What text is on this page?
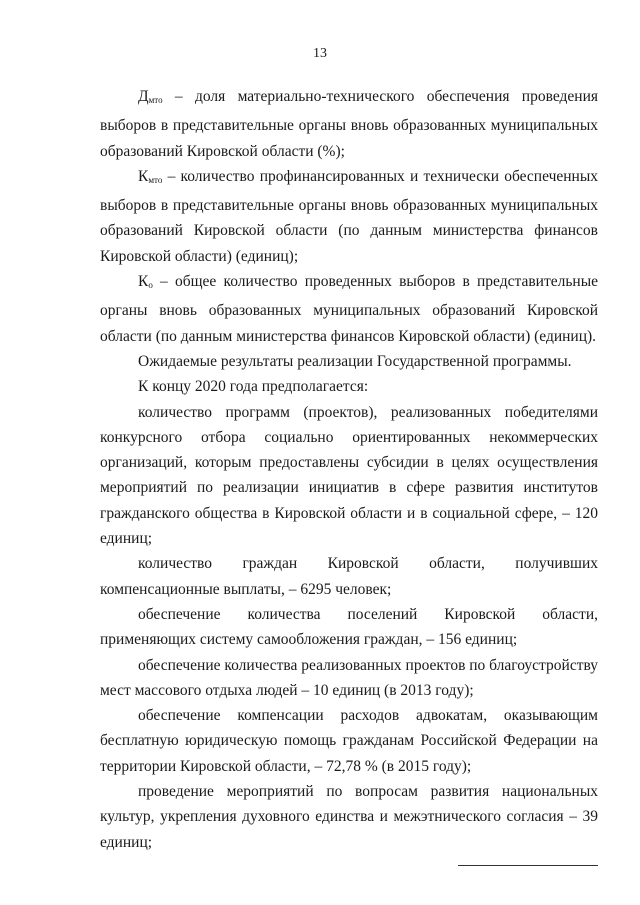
13

$Д_{мто}$ – доля материально-технического обеспечения проведения выборов в представительные органы вновь образованных муниципальных образований Кировской области (%);

$К_{мто}$ – количество профинансированных и технически обеспеченных выборов в представительные органы вновь образованных муниципальных образований Кировской области (по данным министерства финансов Кировской области) (единиц);

$К_о$ – общее количество проведенных выборов в представительные органы вновь образованных муниципальных образований Кировской области (по данным министерства финансов Кировской области) (единиц).

Ожидаемые результаты реализации Государственной программы.

К концу 2020 года предполагается:

количество программ (проектов), реализованных победителями конкурсного отбора социально ориентированных некоммерческих организаций, которым предоставлены субсидии в целях осуществления мероприятий по реализации инициатив в сфере развития институтов гражданского общества в Кировской области и в социальной сфере, – 120 единиц;

количество граждан Кировской области, получивших компенсационные выплаты, – 6295 человек;

обеспечение количества поселений Кировской области, применяющих систему самообложения граждан, – 156 единиц;

обеспечение количества реализованных проектов по благоустройству мест массового отдыха людей – 10 единиц (в 2013 году);

обеспечение компенсации расходов адвокатам, оказывающим бесплатную юридическую помощь гражданам Российской Федерации на территории Кировской области, – 72,78 % (в 2015 году);

проведение мероприятий по вопросам развития национальных культур, укрепления духовного единства и межэтнического согласия – 39 единиц;
